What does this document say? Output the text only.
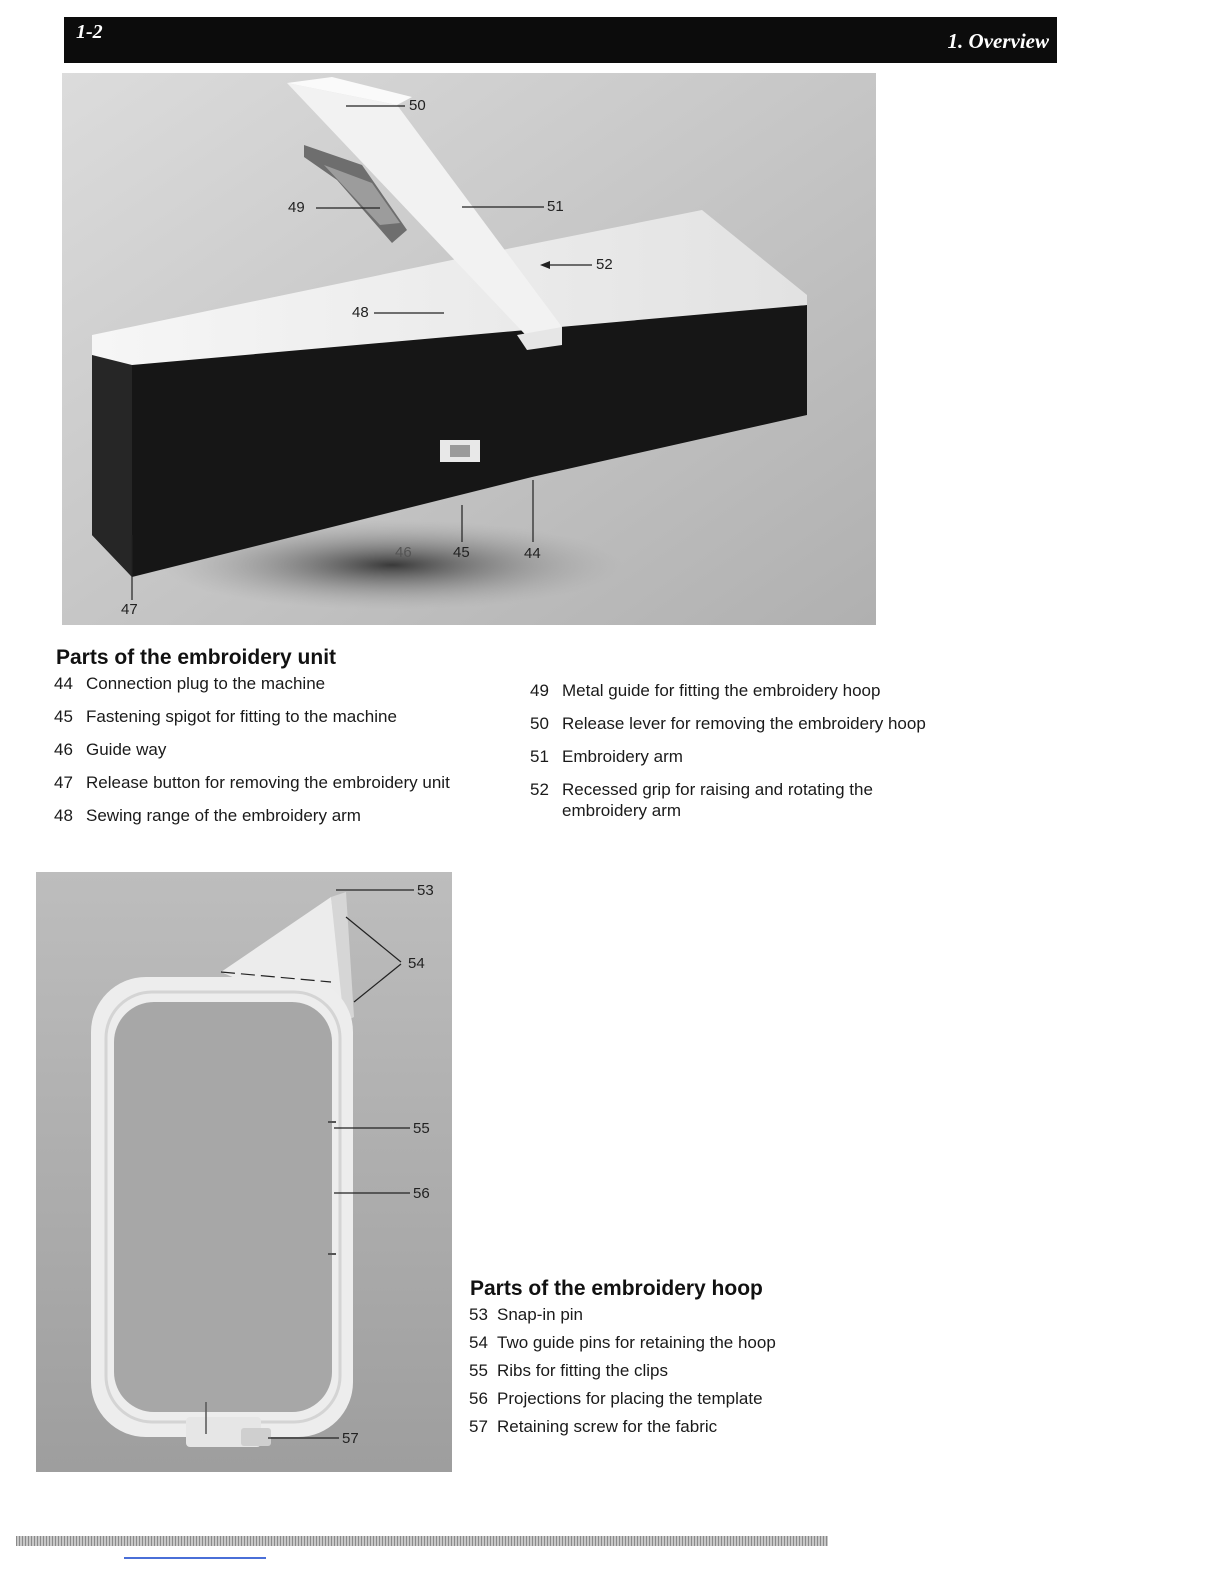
1-2	1. Overview
50
49	51
52
48
46	45	44
47
Parts of the embroidery unit
44 Connection plug to the machine
45 Fastening spigot for fitting to the machine
46 Guide way
47 Release button for removing the embroidery unit
48 Sewing range of the embroidery arm
49 Metal guide for fitting the embroidery hoop
50 Release lever for removing the embroidery hoop
51 Embroidery arm
52 Recessed grip for raising and rotating the embroidery arm
53
54
55
56
57
Parts of the embroidery hoop
53 Snap-in pin
54 Two guide pins for retaining the hoop
55 Ribs for fitting the clips
56 Projections for placing the template
57 Retaining screw for the fabric
